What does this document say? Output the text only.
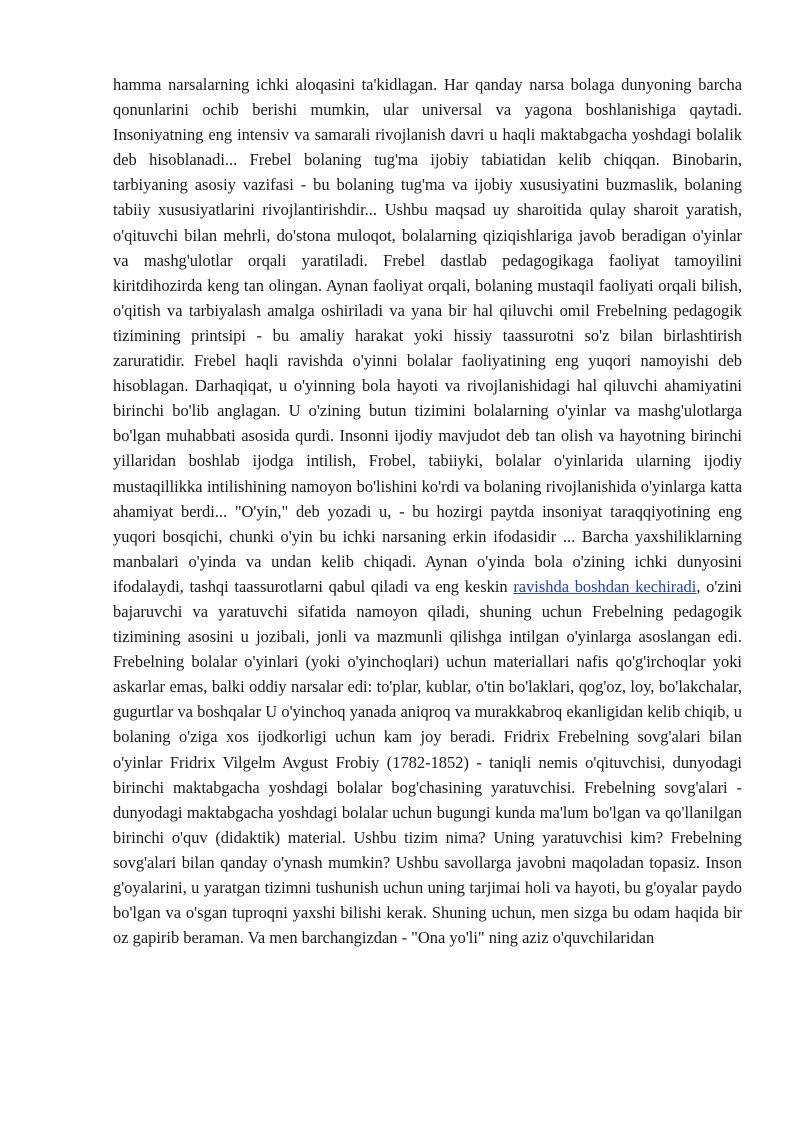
hamma narsalarning ichki aloqasini ta'kidlagan. Har qanday narsa bolaga dunyoning barcha qonunlarini ochib berishi mumkin, ular universal va yagona boshlanishiga qaytadi. Insoniyatning eng intensiv va samarali rivojlanish davri u haqli maktabgacha yoshdagi bolalik deb hisoblanadi... Frebel bolaning tug'ma ijobiy tabiatidan kelib chiqqan. Binobarin, tarbiyaning asosiy vazifasi - bu bolaning tug'ma va ijobiy xususiyatini buzmaslik, bolaning tabiiy xususiyatlarini rivojlantirishdir... Ushbu maqsad uy sharoitida qulay sharoit yaratish, o'qituvchi bilan mehrli, do'stona muloqot, bolalarning qiziqishlariga javob beradigan o'yinlar va mashg'ulotlar orqali yaratiladi. Frebel dastlab pedagogikaga faoliyat tamoyilini kiritdihozirda keng tan olingan. Aynan faoliyat orqali, bolaning mustaqil faoliyati orqali bilish, o'qitish va tarbiyalash amalga oshiriladi va yana bir hal qiluvchi omil Frebelning pedagogik tizimining printsipi - bu amaliy harakat yoki hissiy taassurotni so'z bilan birlashtirish zaruratidir. Frebel haqli ravishda o'yinni bolalar faoliyatining eng yuqori namoyishi deb hisoblagan. Darhaqiqat, u o'yinning bola hayoti va rivojlanishidagi hal qiluvchi ahamiyatini birinchi bo'lib anglagan. U o'zining butun tizimini bolalarning o'yinlar va mashg'ulotlarga bo'lgan muhabbati asosida qurdi. Insonni ijodiy mavjudot deb tan olish va hayotning birinchi yillaridan boshlab ijodga intilish, Frobel, tabiiyki, bolalar o'yinlarida ularning ijodiy mustaqillikka intilishining namoyon bo'lishini ko'rdi va bolaning rivojlanishida o'yinlarga katta ahamiyat berdi... "O'yin," deb yozadi u, - bu hozirgi paytda insoniyat taraqqiyotining eng yuqori bosqichi, chunki o'yin bu ichki narsaning erkin ifodasidir ... Barcha yaxshiliklarning manbalari o'yinda va undan kelib chiqadi. Aynan o'yinda bola o'zining ichki dunyosini ifodalaydi, tashqi taassurotlarni qabul qiladi va eng keskin ravishda boshdan kechiradi, o'zini bajaruvchi va yaratuvchi sifatida namoyon qiladi, shuning uchun Frebelning pedagogik tizimining asosini u jozibali, jonli va mazmunli qilishga intilgan o'yinlarga asoslangan edi. Frebelning bolalar o'yinlari (yoki o'yinchoqlari) uchun materiallari nafis qo'g'irchoqlar yoki askarlar emas, balki oddiy narsalar edi: to'plar, kublar, o'tin bo'laklari, qog'oz, loy, bo'lakchalar, gugurtlar va boshqalar U o'yinchoq yanada aniqroq va murakkabroq ekanligidan kelib chiqib, u bolaning o'ziga xos ijodkorligi uchun kam joy beradi. Fridrix Frebelning sovg'alari bilan o'yinlar Fridrix Vilgelm Avgust Frobiy (1782-1852) - taniqli nemis o'qituvchisi, dunyodagi birinchi maktabgacha yoshdagi bolalar bog'chasining yaratuvchisi. Frebelning sovg'alari - dunyodagi maktabgacha yoshdagi bolalar uchun bugungi kunda ma'lum bo'lgan va qo'llanilgan birinchi o'quv (didaktik) material. Ushbu tizim nima? Uning yaratuvchisi kim? Frebelning sovg'alari bilan qanday o'ynash mumkin? Ushbu savollarga javobni maqoladan topasiz. Inson g'oyalarini, u yaratgan tizimni tushunish uchun uning tarjimai holi va hayoti, bu g'oyalar paydo bo'lgan va o'sgan tuproqni yaxshi bilishi kerak. Shuning uchun, men sizga bu odam haqida bir oz gapirib beraman. Va men barchangizdan - "Ona yo'li" ning aziz o'quvchilaridan
